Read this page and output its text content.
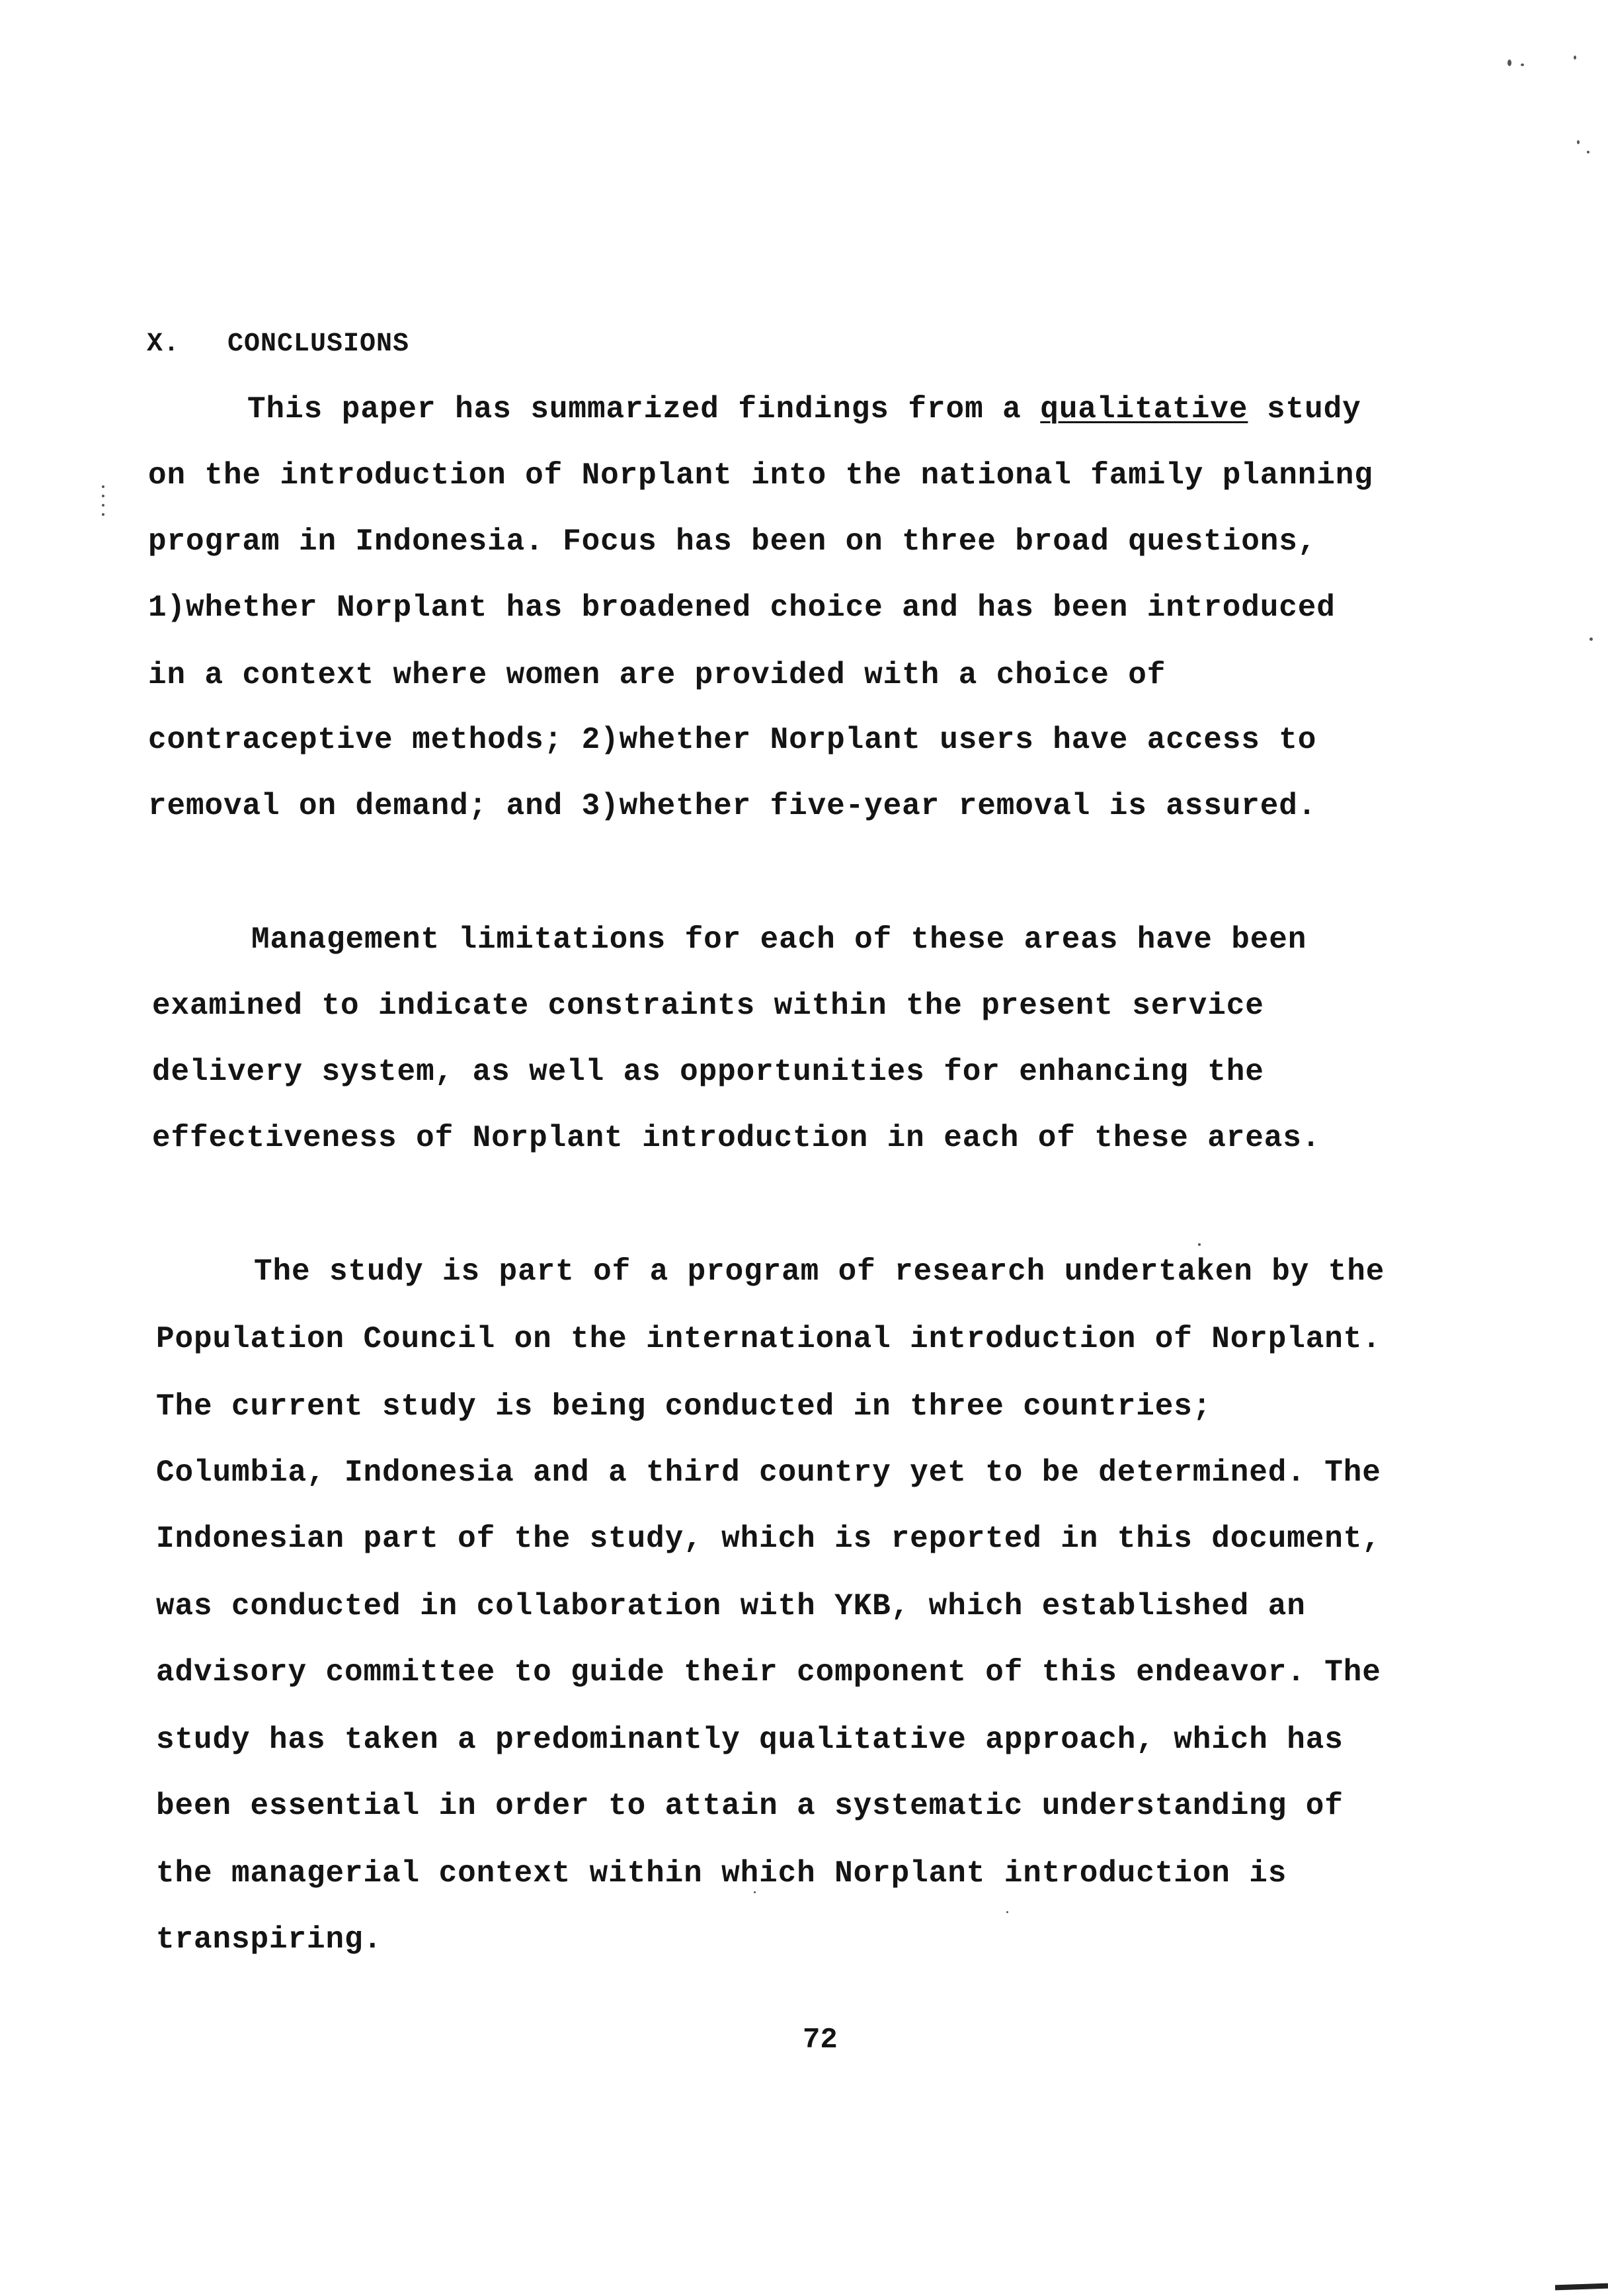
X. CONCLUSIONS
This paper has summarized findings from a qualitative study
on the introduction of Norplant into the national family planning
program in Indonesia. Focus has been on three broad questions,
1)whether Norplant has broadened choice and has been introduced
in a context where women are provided with a choice of
contraceptive methods; 2)whether Norplant users have access to
removal on demand; and 3)whether five-year removal is assured.
Management limitations for each of these areas have been
examined to indicate constraints within the present service
delivery system, as well as opportunities for enhancing the
effectiveness of Norplant introduction in each of these areas.
The study is part of a program of research undertaken by the
Population Council on the international introduction of Norplant.
The current study is being conducted in three countries;
Columbia, Indonesia and a third country yet to be determined. The
Indonesian part of the study, which is reported in this document,
was conducted in collaboration with YKB, which established an
advisory committee to guide their component of this endeavor. The
study has taken a predominantly qualitative approach, which has
been essential in order to attain a systematic understanding of
the managerial context within which Norplant introduction is
transpiring.
72
